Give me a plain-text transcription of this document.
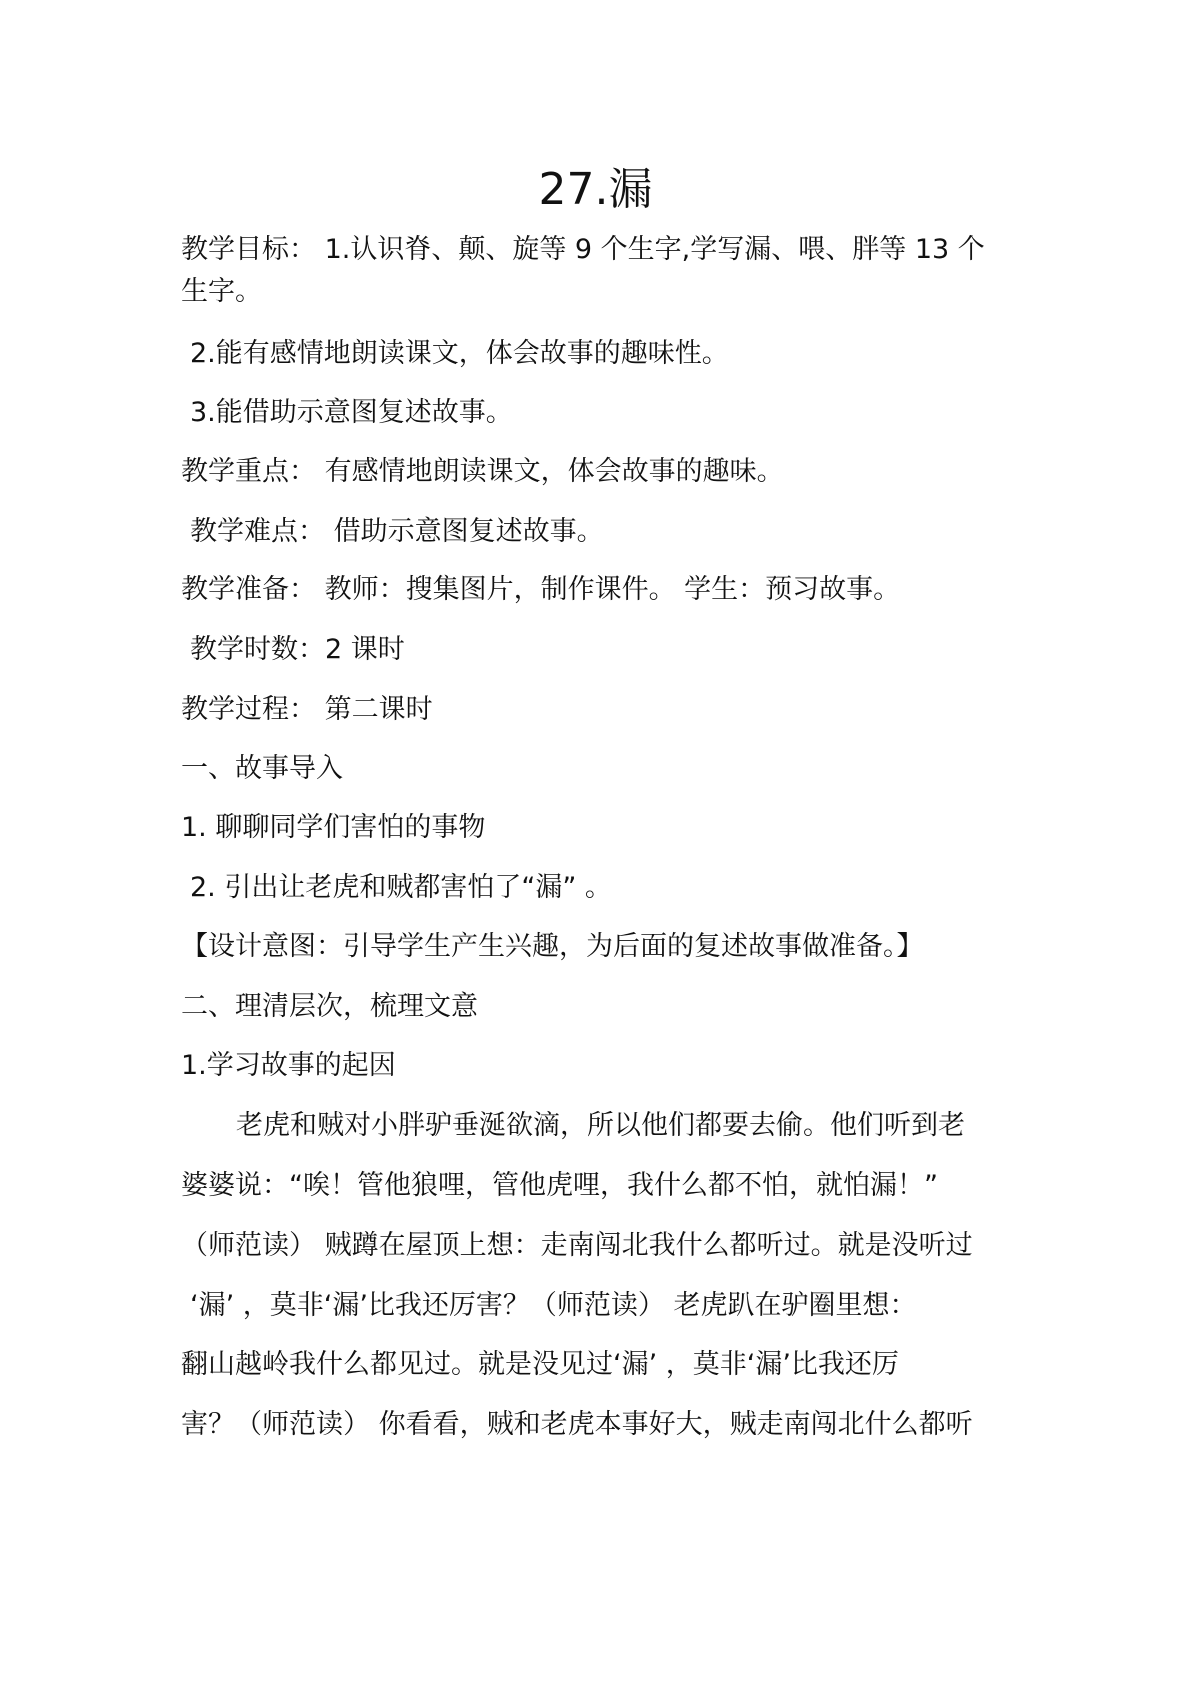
27.漏
教学目标： 1.认识脊、颠、旋等 9 个生字,学写漏、喂、胖等 13 个
生字。
2.能有感情地朗读课文，体会故事的趣味性。
3.能借助示意图复述故事。
教学重点： 有感情地朗读课文，体会故事的趣味。
教学难点： 借助示意图复述故事。
教学准备： 教师：搜集图片，制作课件。 学生：预习故事。
教学时数：2 课时
教学过程： 第二课时
一、故事导入
1. 聊聊同学们害怕的事物
2. 引出让老虎和贼都害怕了“漏” 。
【设计意图：引导学生产生兴趣，为后面的复述故事做准备。】
二、理清层次，梳理文意
1.学习故事的起因
老虎和贼对小胖驴垂涎欲滴，所以他们都要去偷。他们听到老
婆婆说：“唉！管他狼哩，管他虎哩，我什么都不怕，就怕漏！”
（师范读） 贼蹲在屋顶上想：走南闯北我什么都听过。就是没听过
‘漏’ ，莫非‘漏’比我还厉害？（师范读） 老虎趴在驴圈里想：
翻山越岭我什么都见过。就是没见过‘漏’ ，莫非‘漏’比我还厉
害？（师范读） 你看看，贼和老虎本事好大，贼走南闯北什么都听
